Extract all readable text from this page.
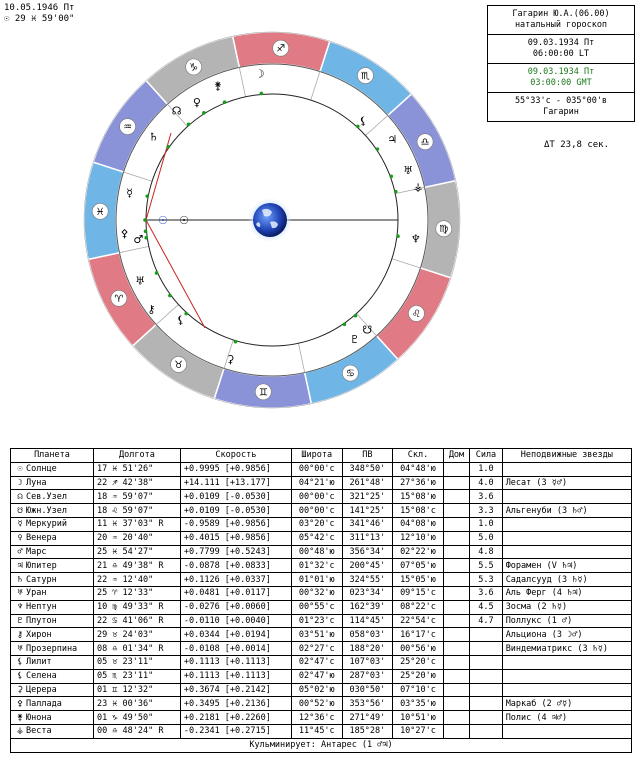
10.05.1946 Пт
☉ 29 ♓ 59'00"	Гагарин Ю.А.(06.00)
натальный гороскоп
09.03.1934 Пт
06:00:00 LT
09.03.1934 Пт
03:00:00 GMT
55°33'с - 035°00'в
Гагарин
ΔT 23,8 сек.
♈
♉
♊
♋
♌
♍
♎
♏
♐
♑
♒
♓
☉
☽
☊
☋
☿
♀
♂
♃
♄
♅
♆
♇
⚷
♅
⚸
⚸
⚳
⚴
⚵
⚶
☉
Планета	Долгота	Скорость	Широта	ПВ	Скл.	Дом	Сила	Неподвижные звезды
☉ Солнце	17 ♓ 51'26"	+0.9995 [+0.9856]	00°00'с	348°50'	04°48'ю		1.0	
☽ Луна	22 ♐ 42'38"	+14.111 [+13.177]	04°21'ю	261°48'	27°36'ю		4.0	Лесат (3 ☿♂)
☊ Сев.Узел	18 ♒ 59'07"	+0.0109 [-0.0530]	00°00'с	321°25'	15°08'ю		3.6	
☋ Южн.Узел	18 ♌ 59'07"	+0.0109 [-0.0530]	00°00'с	141°25'	15°08'с		3.3	Альгенуби (3 ♄♂)
☿ Меркурий	11 ♓ 37'03" R	-0.9589 [+0.9856]	03°20'с	341°46'	04°08'ю		1.0	
♀ Венера	20 ♒ 20'40"	+0.4015 [+0.9856]	05°42'с	311°13'	12°10'ю		5.0	
♂ Марс	25 ♓ 54'27"	+0.7799 [+0.5243]	00°48'ю	356°34'	02°22'ю		4.8	
♃ Юпитер	21 ♎ 49'38" R	-0.0878 [+0.0833]	01°32'с	200°45'	07°05'ю		5.5	Форамен (V ♄♃)
♄ Сатурн	22 ♒ 12'40"	+0.1126 [+0.0337]	01°01'ю	324°55'	15°05'ю		5.3	Садалсууд (3 ♄☿)
♅ Уран	25 ♈ 12'33"	+0.0481 [+0.0117]	00°32'ю	023°34'	09°15'с		3.6	Аль Ферг (4 ♄♃)
♆ Нептун	10 ♍ 49'33" R	-0.0276 [+0.0060]	00°55'с	162°39'	08°22'с		4.5	Зосма (2 ♄☿)
♇ Плутон	22 ♋ 41'06" R	-0.0110 [+0.0040]	01°23'с	114°45'	22°54'с		4.7	Поллукс (1 ♂)
⚷ Хирон	29 ♉ 24'03"	+0.0344 [+0.0194]	03°51'ю	058°03'	16°17'с			Альциона (3 ☽♂)
♅ Прозерпина	08 ♎ 01'34" R	-0.0108 [+0.0014]	02°27'с	188°20'	00°56'ю			Виндемиатрикс (3 ♄☿)
⚸ Лилит	05 ♉ 23'11"	+0.1113 [+0.1113]	02°47'с	107°03'	25°20'с			
⚸ Селена	05 ♏ 23'11"	+0.1113 [+0.1113]	02°47'ю	287°03'	25°20'ю			
⚳ Церера	01 ♊ 12'32"	+0.3674 [+0.2142]	05°02'ю	030°50'	07°10'с			
⚴ Паллада	23 ♓ 00'36"	+0.3495 [+0.2136]	00°52'ю	353°56'	03°35'ю			Маркаб (2 ♂☿)
⚵ Юнона	01 ♑ 49'50"	+0.2181 [+0.2260]	12°36'с	271°49'	10°51'ю			Полис (4 ♃♂)
⚶ Веста	00 ♎ 48'24" R	-0.2341 [+0.2715]	11°45'с	185°28'	10°27'с			
Кульминирует: Антарес (1 ♂♃)								
